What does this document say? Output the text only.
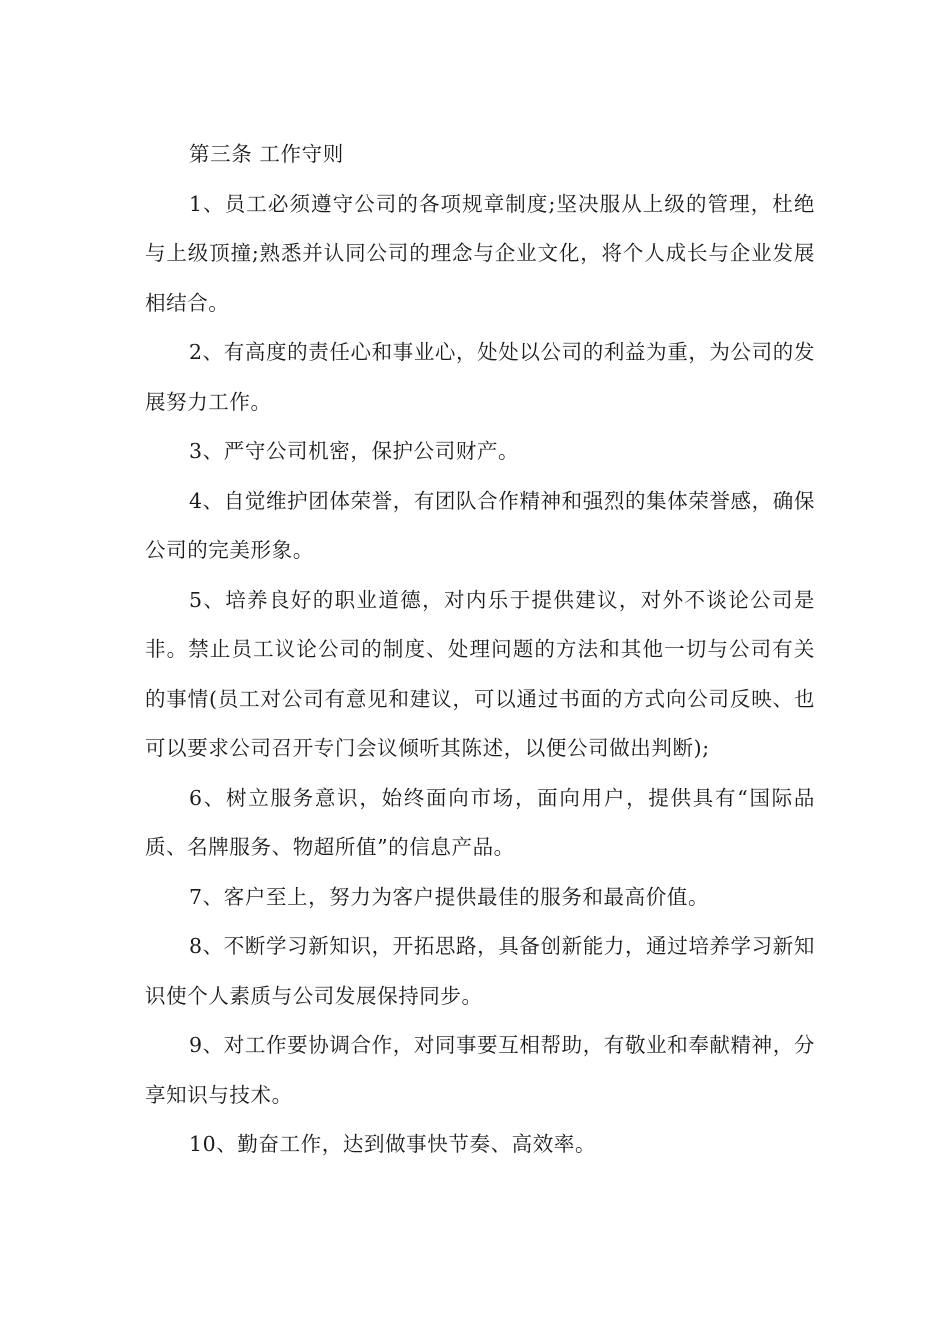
第三条 工作守则

1、员工必须遵守公司的各项规章制度;坚决服从上级的管理，杜绝与上级顶撞;熟悉并认同公司的理念与企业文化，将个人成长与企业发展相结合。

2、有高度的责任心和事业心，处处以公司的利益为重，为公司的发展努力工作。

3、严守公司机密，保护公司财产。

4、自觉维护团体荣誉，有团队合作精神和强烈的集体荣誉感，确保公司的完美形象。

5、培养良好的职业道德，对内乐于提供建议，对外不谈论公司是非。禁止员工议论公司的制度、处理问题的方法和其他一切与公司有关的事情(员工对公司有意见和建议，可以通过书面的方式向公司反映、也可以要求公司召开专门会议倾听其陈述，以便公司做出判断);

6、树立服务意识，始终面向市场，面向用户，提供具有“国际品质、名牌服务、物超所值”的信息产品。

7、客户至上，努力为客户提供最佳的服务和最高价值。

8、不断学习新知识，开拓思路，具备创新能力，通过培养学习新知识使个人素质与公司发展保持同步。

9、对工作要协调合作，对同事要互相帮助，有敬业和奉献精神，分享知识与技术。

10、勤奋工作，达到做事快节奏、高效率。
